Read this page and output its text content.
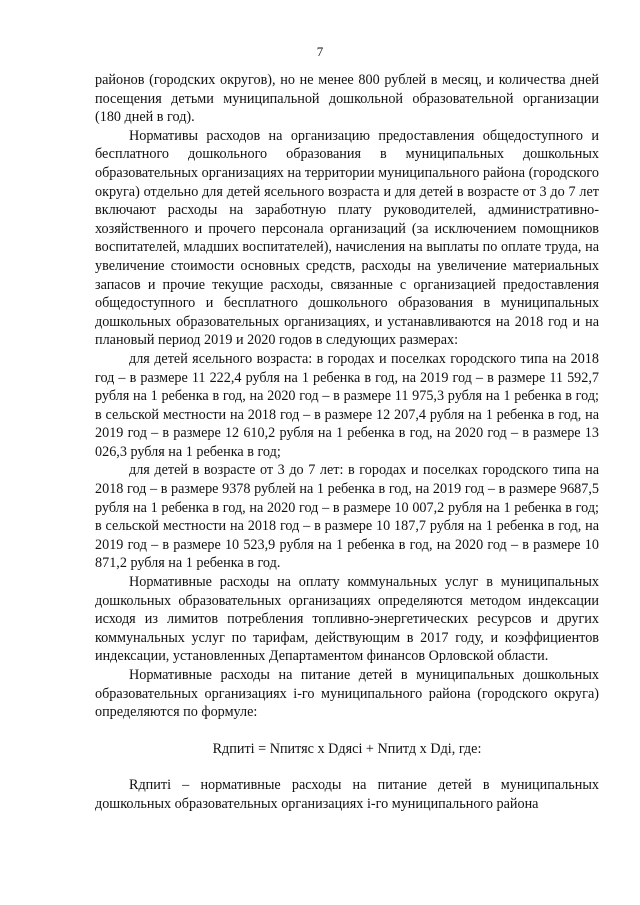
7

районов (городских округов), но не менее 800 рублей в месяц, и количества дней посещения детьми муниципальной дошкольной образовательной организации (180 дней в год).

Нормативы расходов на организацию предоставления общедоступного и бесплатного дошкольного образования в муниципальных дошкольных образовательных организациях на территории муниципального района (городского округа) отдельно для детей ясельного возраста и для детей в возрасте от 3 до 7 лет включают расходы на заработную плату руководителей, административно-хозяйственного и прочего персонала организаций (за исключением помощников воспитателей, младших воспитателей), начисления на выплаты по оплате труда, на увеличение стоимости основных средств, расходы на увеличение материальных запасов и прочие текущие расходы, связанные с организацией предоставления общедоступного и бесплатного дошкольного образования в муниципальных дошкольных образовательных организациях, и устанавливаются на 2018 год и на плановый период 2019 и 2020 годов в следующих размерах:

для детей ясельного возраста: в городах и поселках городского типа на 2018 год – в размере 11 222,4 рубля на 1 ребенка в год, на 2019 год – в размере 11 592,7 рубля на 1 ребенка в год, на 2020 год – в размере 11 975,3 рубля на 1 ребенка в год; в сельской местности на 2018 год – в размере 12 207,4 рубля на 1 ребенка в год, на 2019 год – в размере 12 610,2 рубля на 1 ребенка в год, на 2020 год – в размере 13 026,3 рубля на 1 ребенка в год;

для детей в возрасте от 3 до 7 лет: в городах и поселках городского типа на 2018 год – в размере 9378 рублей на 1 ребенка в год, на 2019 год – в размере 9687,5 рубля на 1 ребенка в год, на 2020 год – в размере 10 007,2 рубля на 1 ребенка в год; в сельской местности на 2018 год – в размере 10 187,7 рубля на 1 ребенка в год, на 2019 год – в размере 10 523,9 рубля на 1 ребенка в год, на 2020 год – в размере 10 871,2 рубля на 1 ребенка в год.

Нормативные расходы на оплату коммунальных услуг в муниципальных дошкольных образовательных организациях определяются методом индексации исходя из лимитов потребления топливно-энергетических ресурсов и других коммунальных услуг по тарифам, действующим в 2017 году, и коэффициентов индексации, установленных Департаментом финансов Орловской области.

Нормативные расходы на питание детей в муниципальных дошкольных образовательных организациях i-го муниципального района (городского округа) определяются по формуле:

Rдпитi = Nпитяс x Dдяci + Nпитд x Dдi, где:

Rдпитi – нормативные расходы на питание детей в муниципальных дошкольных образовательных организациях i-го муниципального района
